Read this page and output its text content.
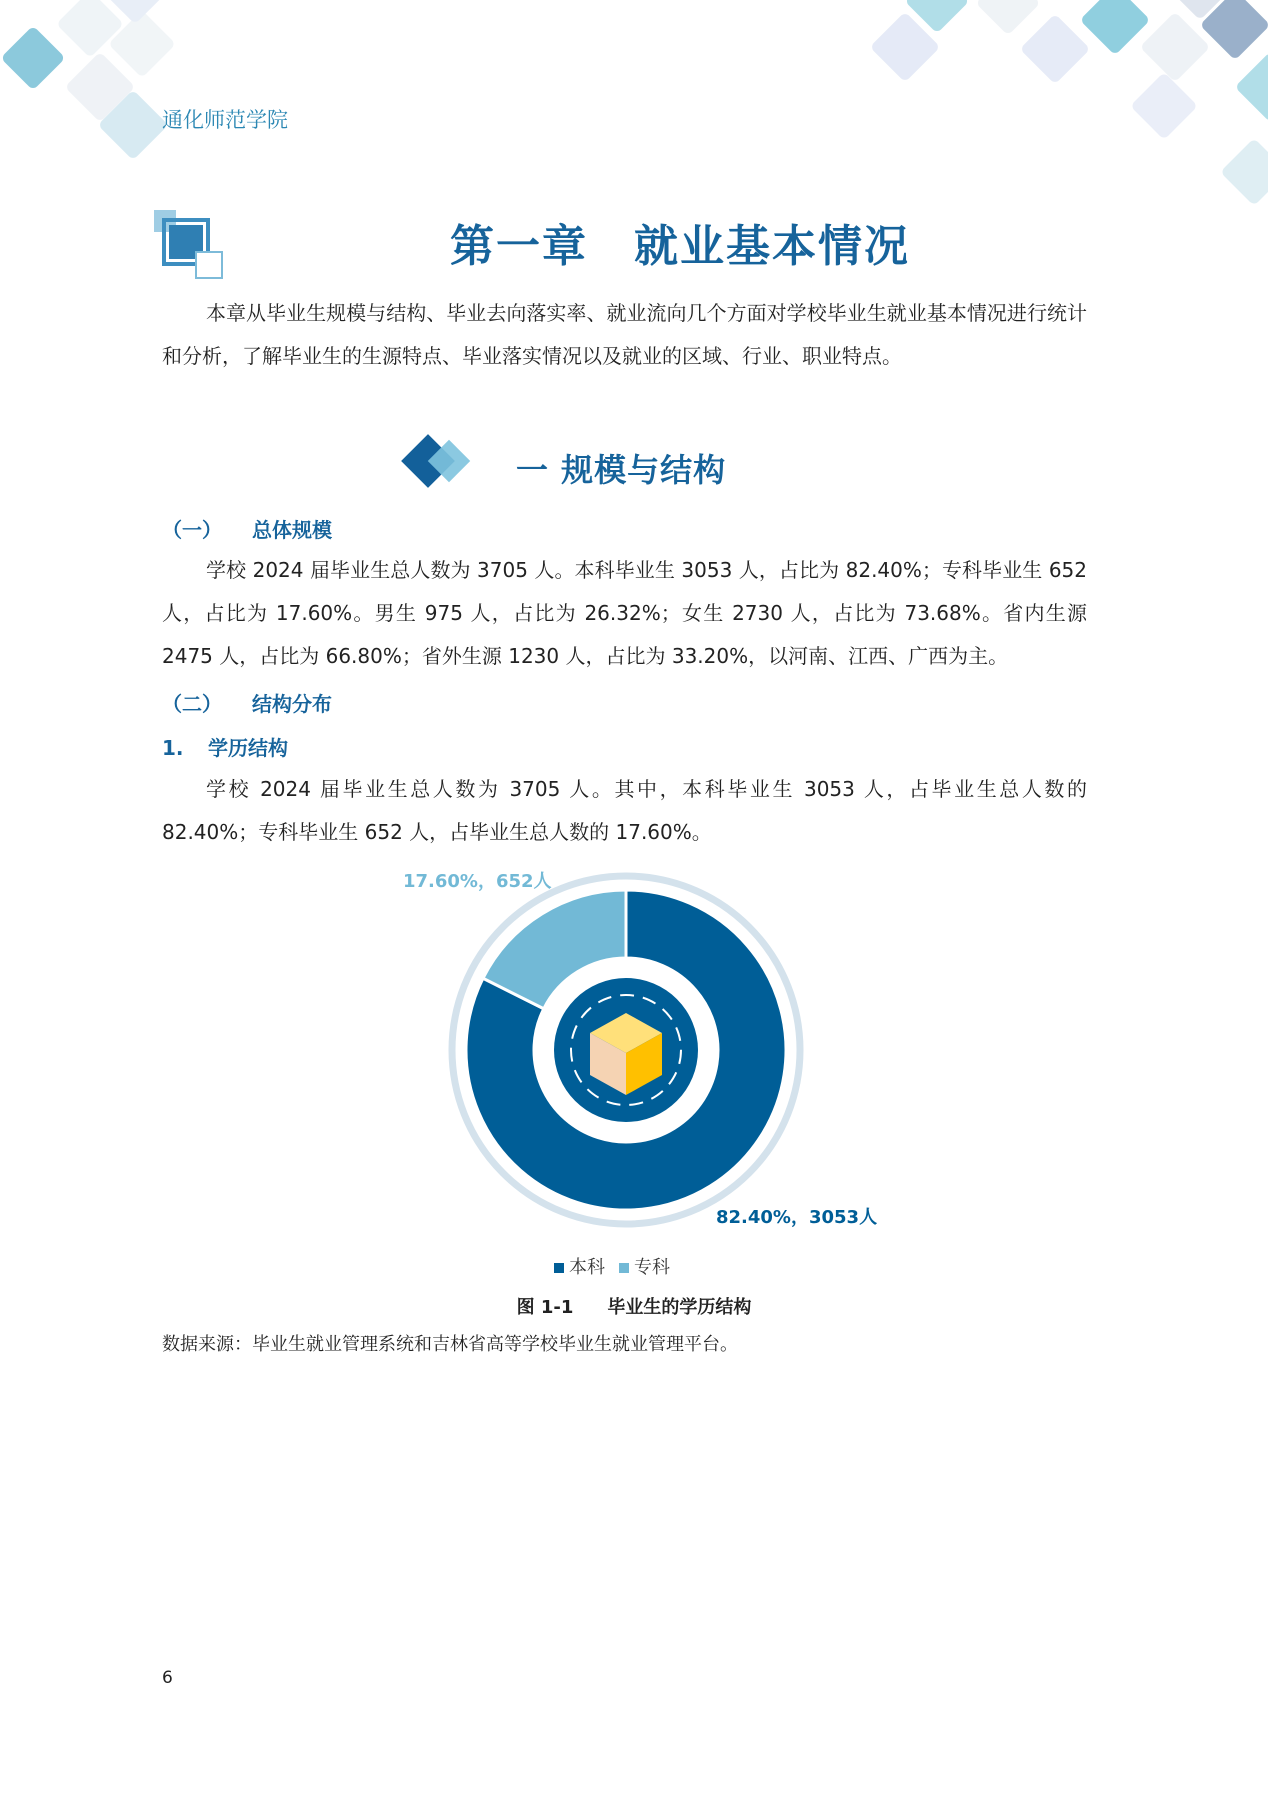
通化师范学院
第一章　就业基本情况

本章从毕业生规模与结构、毕业去向落实率、就业流向几个方面对学校毕业生就业基本情况进行统计和分析，了解毕业生的生源特点、毕业落实情况以及就业的区域、行业、职业特点。

一 规模与结构
（一） 总体规模

学校 2024 届毕业生总人数为 3705 人。本科毕业生 3053 人，占比为 82.40%；专科毕业生 652 人，占比为 17.60%。男生 975 人，占比为 26.32%；女生 2730 人，占比为 73.68%。省内生源 2475 人，占比为 66.80%；省外生源 1230 人，占比为 33.20%，以河南、江西、广西为主。

（二） 结构分布
1. 学历结构

学校 2024 届毕业生总人数为 3705 人。其中，本科毕业生 3053 人，占毕业生总人数的 82.40%；专科毕业生 652 人，占毕业生总人数的 17.60%。

17.60%，652人
82.40%，3053人
本科 专科
图 1-1 毕业生的学历结构
数据来源：毕业生就业管理系统和吉林省高等学校毕业生就业管理平台。
6
